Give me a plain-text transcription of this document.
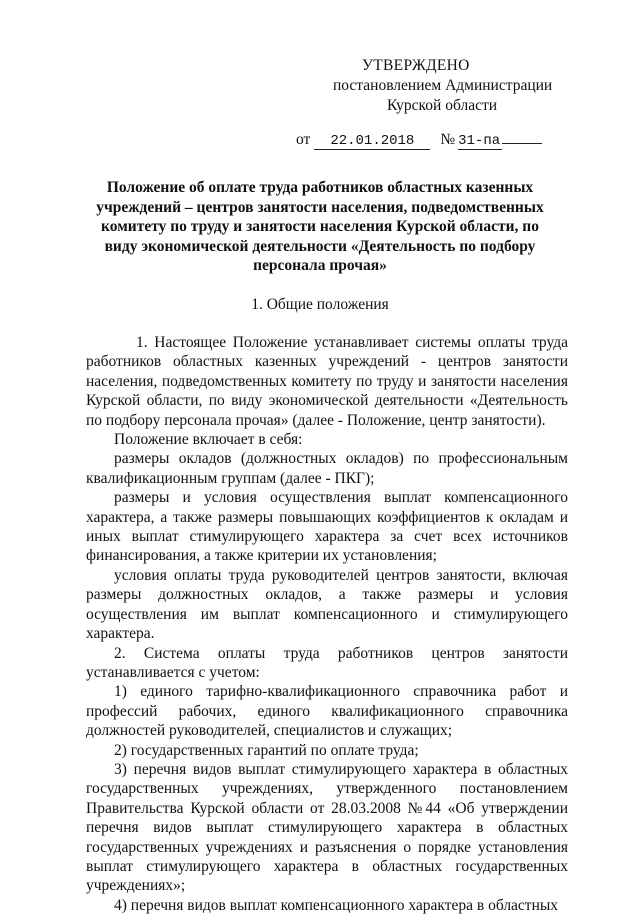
УТВЕРЖДЕНО
постановлением Администрации
Курской области
от 22.01.2018 № 31-па
Положение об оплате труда работников областных казенных учреждений – центров занятости населения, подведомственных комитету по труду и занятости населения Курской области, по виду экономической деятельности «Деятельность по подбору персонала прочая»
1. Общие положения

1. Настоящее Положение устанавливает системы оплаты труда работников областных казенных учреждений - центров занятости населения, подведомственных комитету по труду и занятости населения Курской области, по виду экономической деятельности «Деятельность по подбору персонала прочая» (далее - Положение, центр занятости).

Положение включает в себя:

размеры окладов (должностных окладов) по профессиональным квалификационным группам (далее - ПКГ);

размеры и условия осуществления выплат компенсационного характера, а также размеры повышающих коэффициентов к окладам и иных выплат стимулирующего характера за счет всех источников финансирования, а также критерии их установления;

условия оплаты труда руководителей центров занятости, включая размеры должностных окладов, а также размеры и условия осуществления им выплат компенсационного и стимулирующего характера.

2. Система оплаты труда работников центров занятости устанавливается с учетом:

1) единого тарифно-квалификационного справочника работ и профессий рабочих, единого квалификационного справочника должностей руководителей, специалистов и служащих;

2) государственных гарантий по оплате труда;

3) перечня видов выплат стимулирующего характера в областных государственных учреждениях, утвержденного постановлением Правительства Курской области от 28.03.2008 №44 «Об утверждении перечня видов выплат стимулирующего характера в областных государственных учреждениях и разъяснения о порядке установления выплат стимулирующего характера в областных государственных учреждениях»;

4) перечня видов выплат компенсационного характера в областных
